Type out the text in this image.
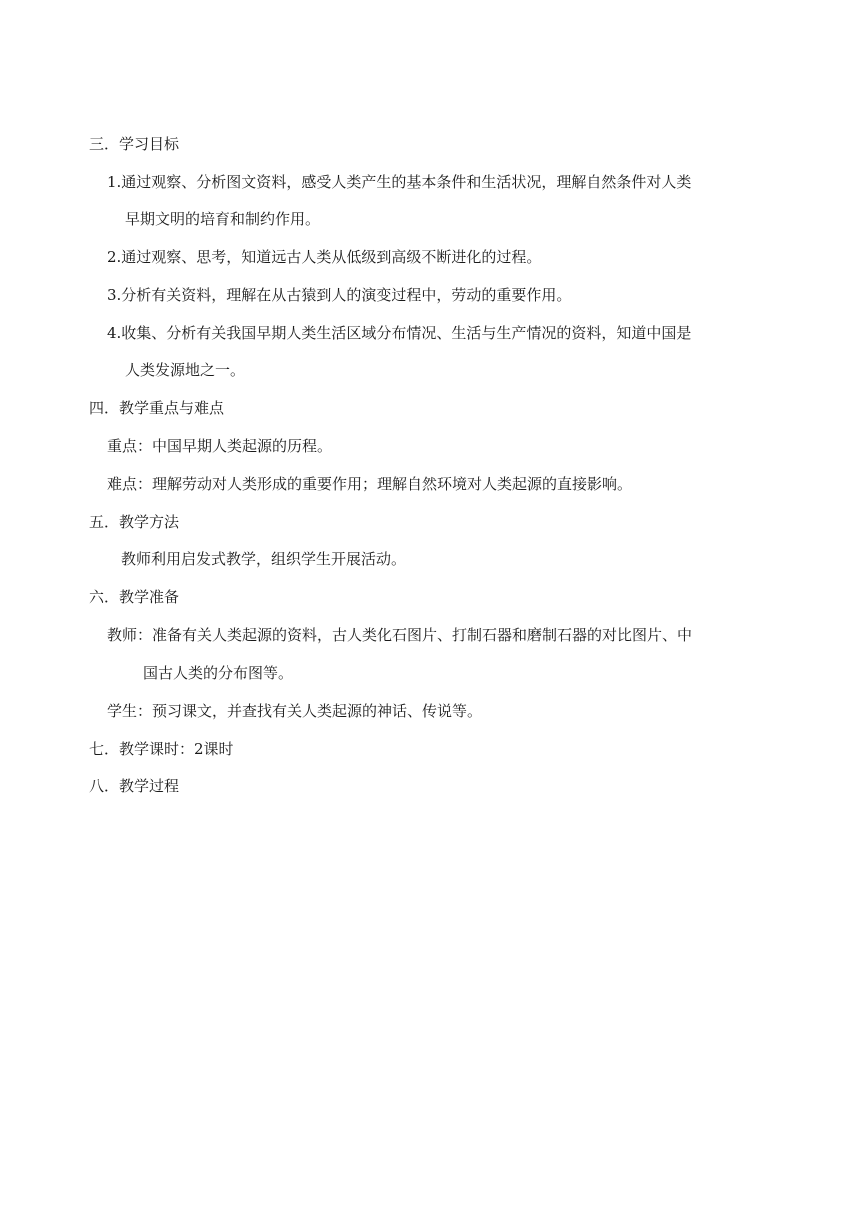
三．学习目标
1.通过观察、分析图文资料，感受人类产生的基本条件和生活状况，理解自然条件对人类
早期文明的培育和制约作用。
2.通过观察、思考，知道远古人类从低级到高级不断进化的过程。
3.分析有关资料，理解在从古猿到人的演变过程中，劳动的重要作用。
4.收集、分析有关我国早期人类生活区域分布情况、生活与生产情况的资料，知道中国是
人类发源地之一。
四．教学重点与难点
重点：中国早期人类起源的历程。
难点：理解劳动对人类形成的重要作用；理解自然环境对人类起源的直接影响。
五．教学方法
教师利用启发式教学，组织学生开展活动。
六．教学准备
教师：准备有关人类起源的资料，古人类化石图片、打制石器和磨制石器的对比图片、中
国古人类的分布图等。
学生：预习课文，并查找有关人类起源的神话、传说等。
七．教学课时：2课时
八．教学过程
